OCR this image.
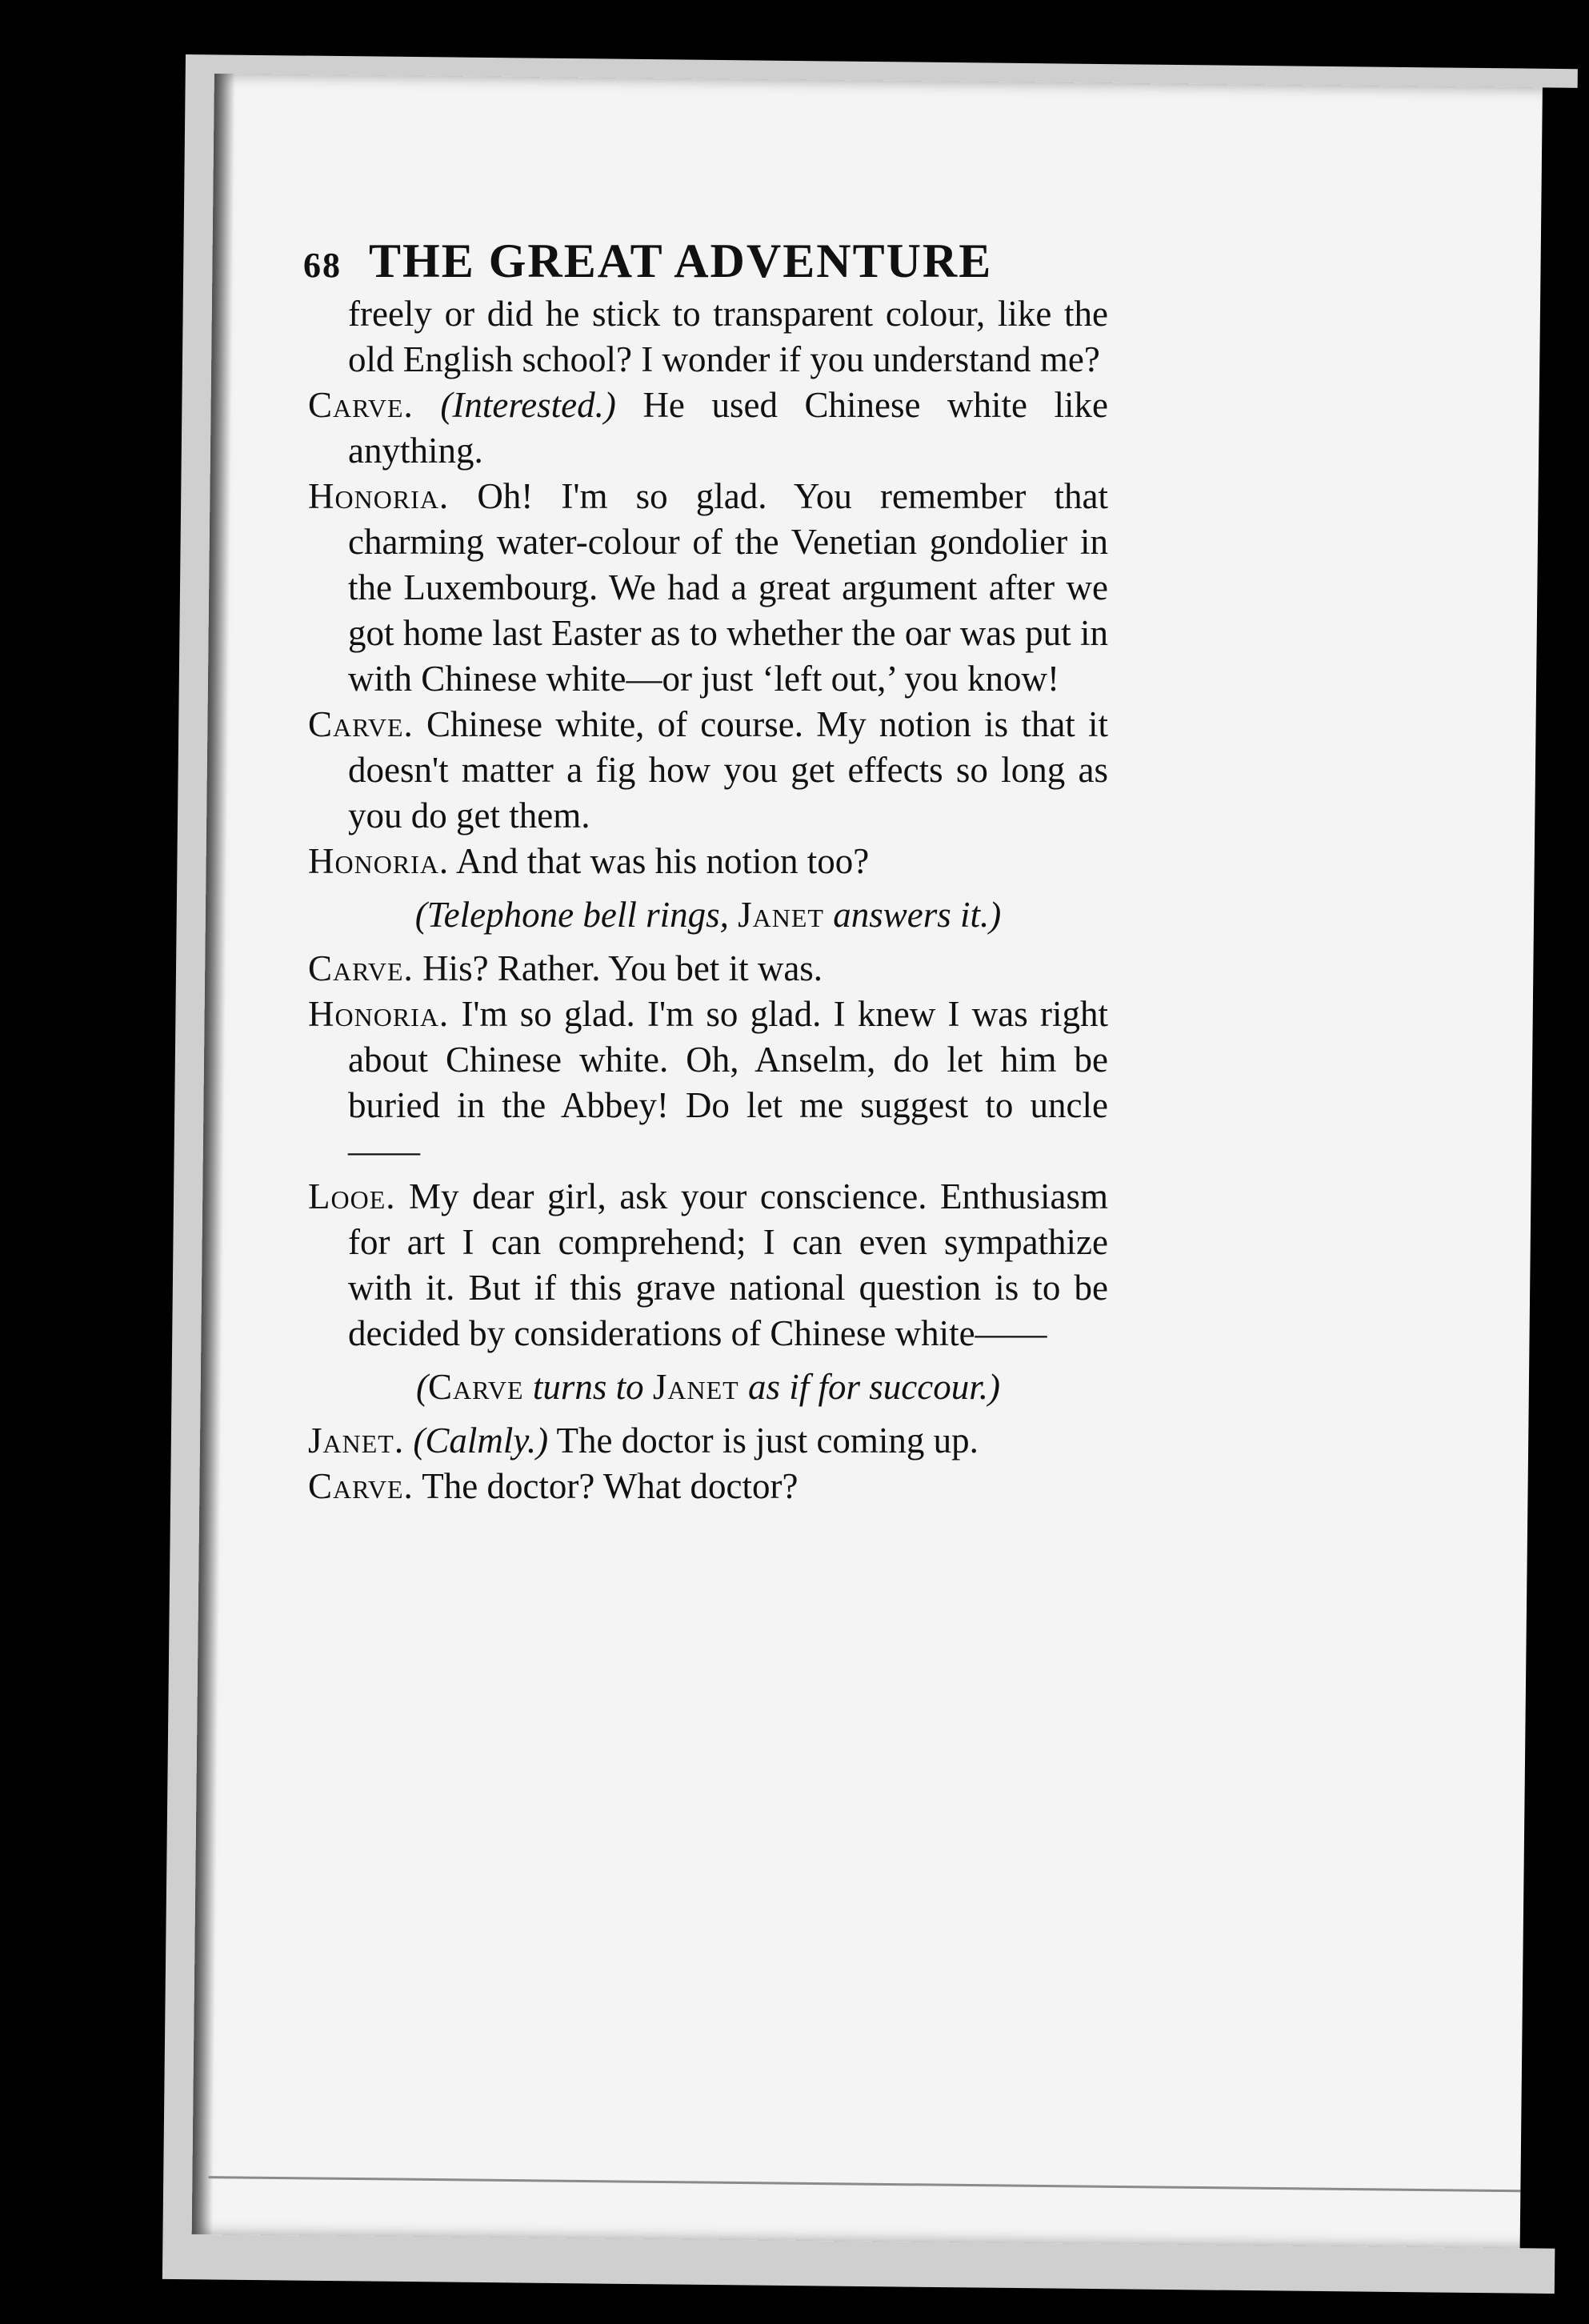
68 THE GREAT ADVENTURE

freely or did he stick to transparent colour, like the old English school? I wonder if you understand me?

Carve. (Interested.) He used Chinese white like anything.

Honoria. Oh! I'm so glad. You remember that charming water-colour of the Venetian gondolier in the Luxembourg. We had a great argument after we got home last Easter as to whether the oar was put in with Chinese white—or just ‘left out,’ you know!

Carve. Chinese white, of course. My notion is that it doesn't matter a fig how you get effects so long as you do get them.

Honoria. And that was his notion too?

(Telephone bell rings, Janet answers it.)

Carve. His? Rather. You bet it was.

Honoria. I'm so glad. I'm so glad. I knew I was right about Chinese white. Oh, Anselm, do let him be buried in the Abbey! Do let me suggest to uncle——

Looe. My dear girl, ask your conscience. Enthusiasm for art I can comprehend; I can even sympathize with it. But if this grave national question is to be decided by considerations of Chinese white——

(Carve turns to Janet as if for succour.)

Janet. (Calmly.) The doctor is just coming up.

Carve. The doctor? What doctor?
